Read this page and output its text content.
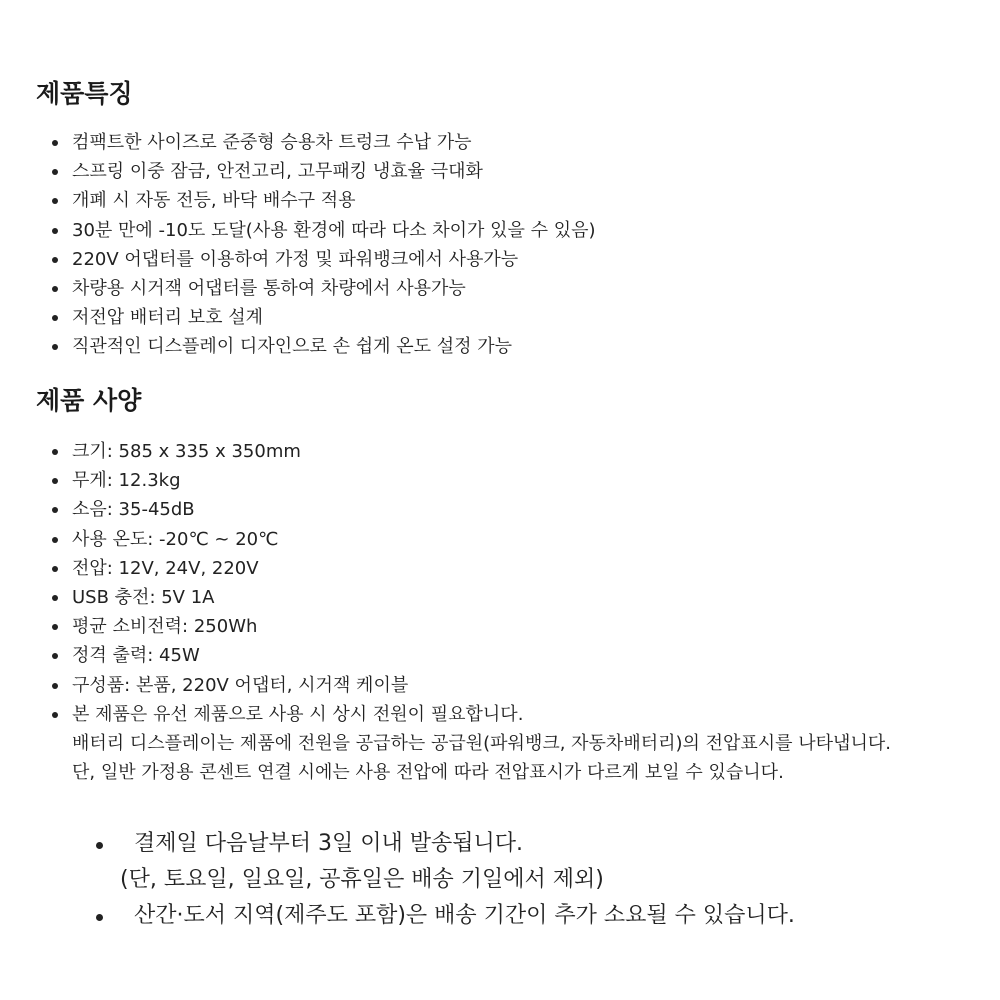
제품특징
컴팩트한 사이즈로 준중형 승용차 트렁크 수납 가능
스프링 이중 잠금, 안전고리, 고무패킹 냉효율 극대화
개폐 시 자동 전등, 바닥 배수구 적용
30분 만에 -10도 도달(사용 환경에 따라 다소 차이가 있을 수 있음)
220V 어댑터를 이용하여 가정 및 파워뱅크에서 사용가능
차량용 시거잭 어댑터를 통하여 차량에서 사용가능
저전압 배터리 보호 설계
직관적인 디스플레이 디자인으로 손 쉽게 온도 설정 가능
제품 사양
크기: 585 x 335 x 350mm
무게: 12.3kg
소음: 35-45dB
사용 온도: -20℃ ~ 20℃
전압: 12V, 24V, 220V
USB 충전: 5V 1A
평균 소비전력: 250Wh
정격 출력: 45W
구성품: 본품, 220V 어댑터, 시거잭 케이블
본 제품은 유선 제품으로 사용 시 상시 전원이 필요합니다.
배터리 디스플레이는 제품에 전원을 공급하는 공급원(파워뱅크, 자동차배터리)의 전압표시를 나타냅니다.
단, 일반 가정용 콘센트 연결 시에는 사용 전압에 따라 전압표시가 다르게 보일 수 있습니다.
결제일 다음날부터 3일 이내 발송됩니다.
(단, 토요일, 일요일, 공휴일은 배송 기일에서 제외)
산간·도서 지역(제주도 포함)은 배송 기간이 추가 소요될 수 있습니다.
